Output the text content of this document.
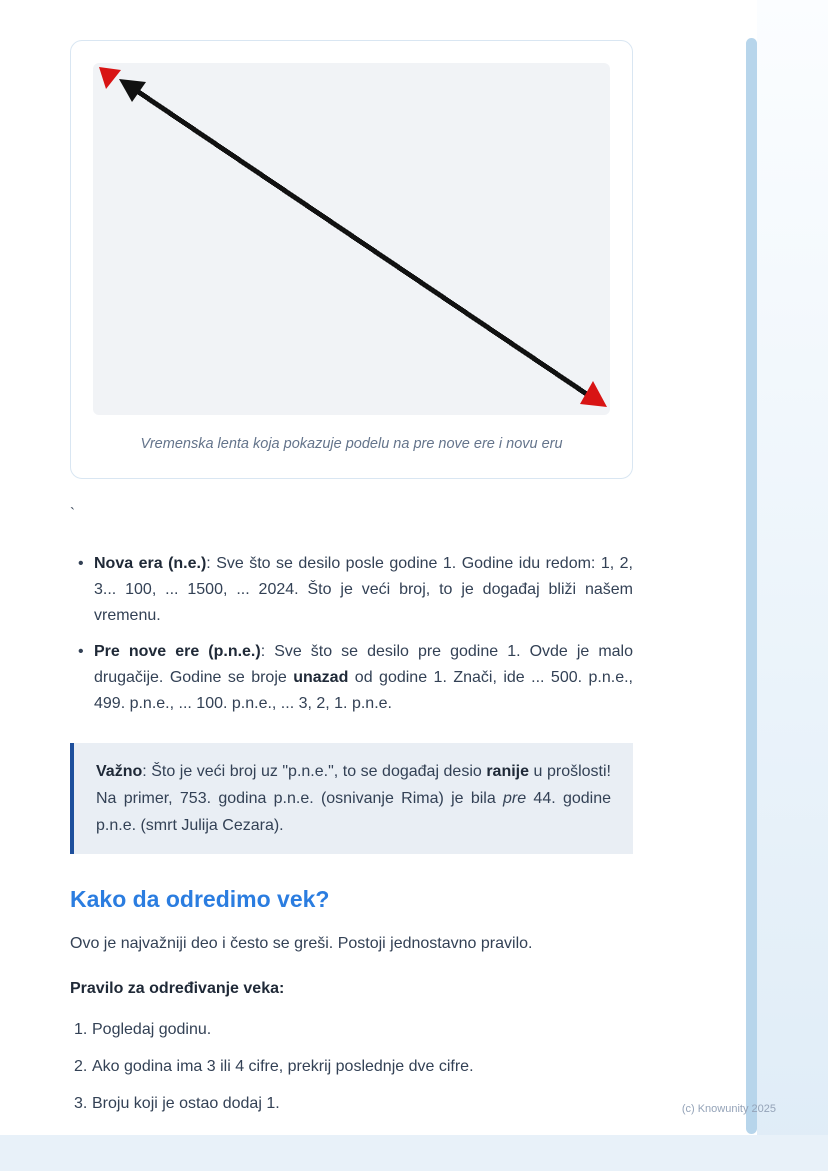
Vremenska lenta koja pokazuje podelu na pre nove ere i novu eru
`
• Nova era (n.e.): Sve što se desilo posle godine 1. Godine idu redom: 1, 2, 3... 100, ... 1500, ... 2024. Što je veći broj, to je događaj bliži našem vremenu.
• Pre nove ere (p.n.e.): Sve što se desilo pre godine 1. Ovde je malo drugačije. Godine se broje unazad od godine 1. Znači, ide ... 500. p.n.e., 499. p.n.e., ... 100. p.n.e., ... 3, 2, 1. p.n.e.
Važno: Što je veći broj uz "p.n.e.", to se događaj desio ranije u prošlosti! Na primer, 753. godina p.n.e. (osnivanje Rima) je bila pre 44. godine p.n.e. (smrt Julija Cezara).
Kako da odredimo vek?

Ovo je najvažniji deo i često se greši. Postoji jednostavno pravilo.

Pravilo za određivanje veka:

1. Pogledaj godinu.
2. Ako godina ima 3 ili 4 cifre, prekrij poslednje dve cifre.
3. Broju koji je ostao dodaj 1.	(c) Knowunity 2025
